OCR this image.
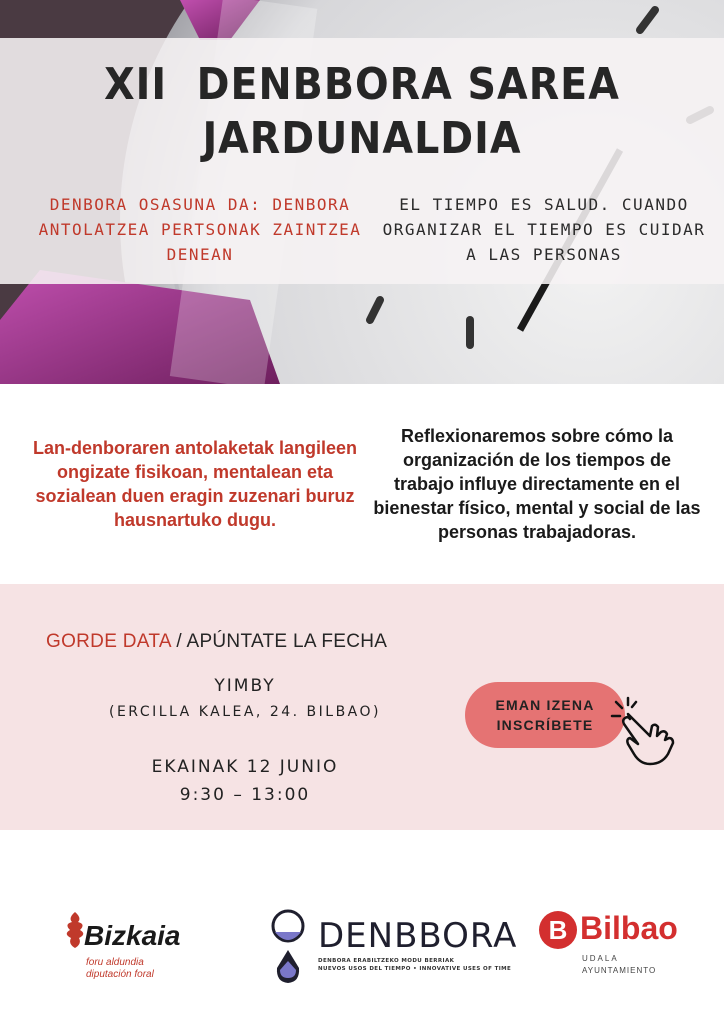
XII  DENBBORA SAREA
JARDUNALDIA
DENBORA OSASUNA DA: DENBORA ANTOLATZEA PERTSONAK ZAINTZEA DENEAN
EL TIEMPO ES SALUD. CUANDO ORGANIZAR EL TIEMPO ES CUIDAR A LAS PERSONAS

Lan-denboraren antolaketak langileen ongizate fisikoan, mentalean eta sozialean duen eragin zuzenari buruz hausnartuko dugu.

Reflexionaremos sobre cómo la organización de los tiempos de trabajo influye directamente en el bienestar físico, mental y social de las personas trabajadoras.

GORDE DATA / APÚNTATE LA FECHA
YIMBY
(ERCILLA KALEA, 24. BILBAO)
EKAINAK 12 JUNIO
9:30 – 13:00
EMAN IZENA
INSCRÍBETE
Bizkaia
foru aldundia
diputación foral
DENBBORA
DENBORA ERABILTZEKO MODU BERRIAK
NUEVOS USOS DEL TIEMPO • INNOVATIVE USES OF TIME
B Bilbao
UDALA
AYUNTAMIENTO
